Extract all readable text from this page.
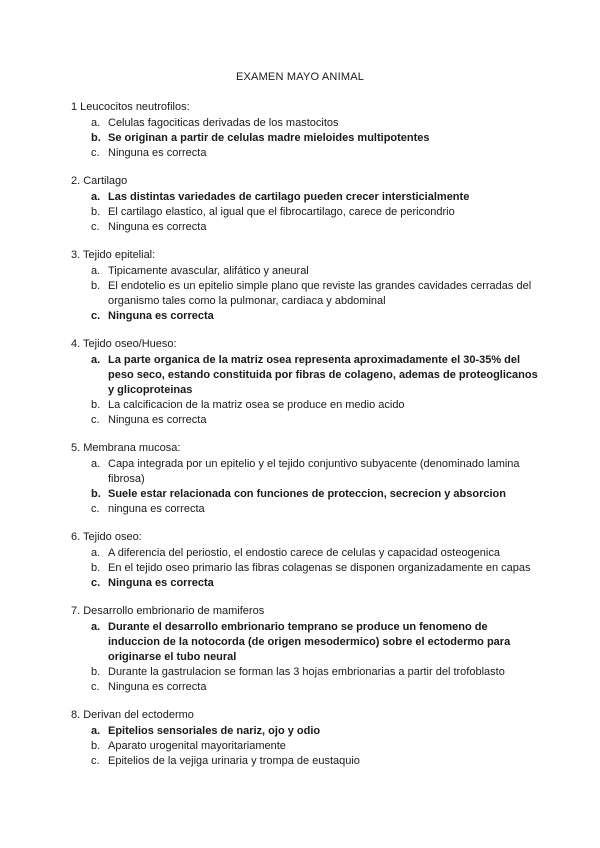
EXAMEN MAYO ANIMAL
1 Leucocitos neutrofilos:
a. Celulas fagociticas derivadas de los mastocitos
b. Se originan a partir de celulas madre mieloides multipotentes
c. Ninguna es correcta
2. Cartilago
a. Las distintas variedades de cartilago pueden crecer intersticialmente
b. El cartilago elastico, al igual que el fibrocartilago, carece de pericondrio
c. Ninguna es correcta
3. Tejido epitelial:
a. Tipicamente avascular, alifático y aneural
b. El endotelio es un epitelio simple plano que reviste las grandes cavidades cerradas del organismo tales como la pulmonar, cardiaca y abdominal
c. Ninguna es correcta
4. Tejido oseo/Hueso:
a. La parte organica de la matriz osea representa aproximadamente el 30-35% del peso seco, estando constituida por fibras de colageno, ademas de proteoglicanos y glicoproteinas
b. La calcificacion de la matriz osea se produce en medio acido
c. Ninguna es correcta
5. Membrana mucosa:
a. Capa integrada por un epitelio y el tejido conjuntivo subyacente (denominado lamina fibrosa)
b. Suele estar relacionada con funciones de proteccion, secrecion y absorcion
c. ninguna es correcta
6. Tejido oseo:
a. A diferencia del periostio, el endostio carece de celulas y capacidad osteogenica
b. En el tejido oseo primario las fibras colagenas se disponen organizadamente en capas
c. Ninguna es correcta
7. Desarrollo embrionario de mamiferos
a. Durante el desarrollo embrionario temprano se produce un fenomeno de induccion de la notocorda (de origen mesodermico) sobre el ectodermo para originarse el tubo neural
b. Durante la gastrulacion se forman las 3 hojas embrionarias a partir del trofoblasto
c. Ninguna es correcta
8. Derivan del ectodermo
a. Epitelios sensoriales de nariz, ojo y odio
b. Aparato urogenital mayoritariamente
c. Epitelios de la vejiga urinaria y trompa de eustaquio
